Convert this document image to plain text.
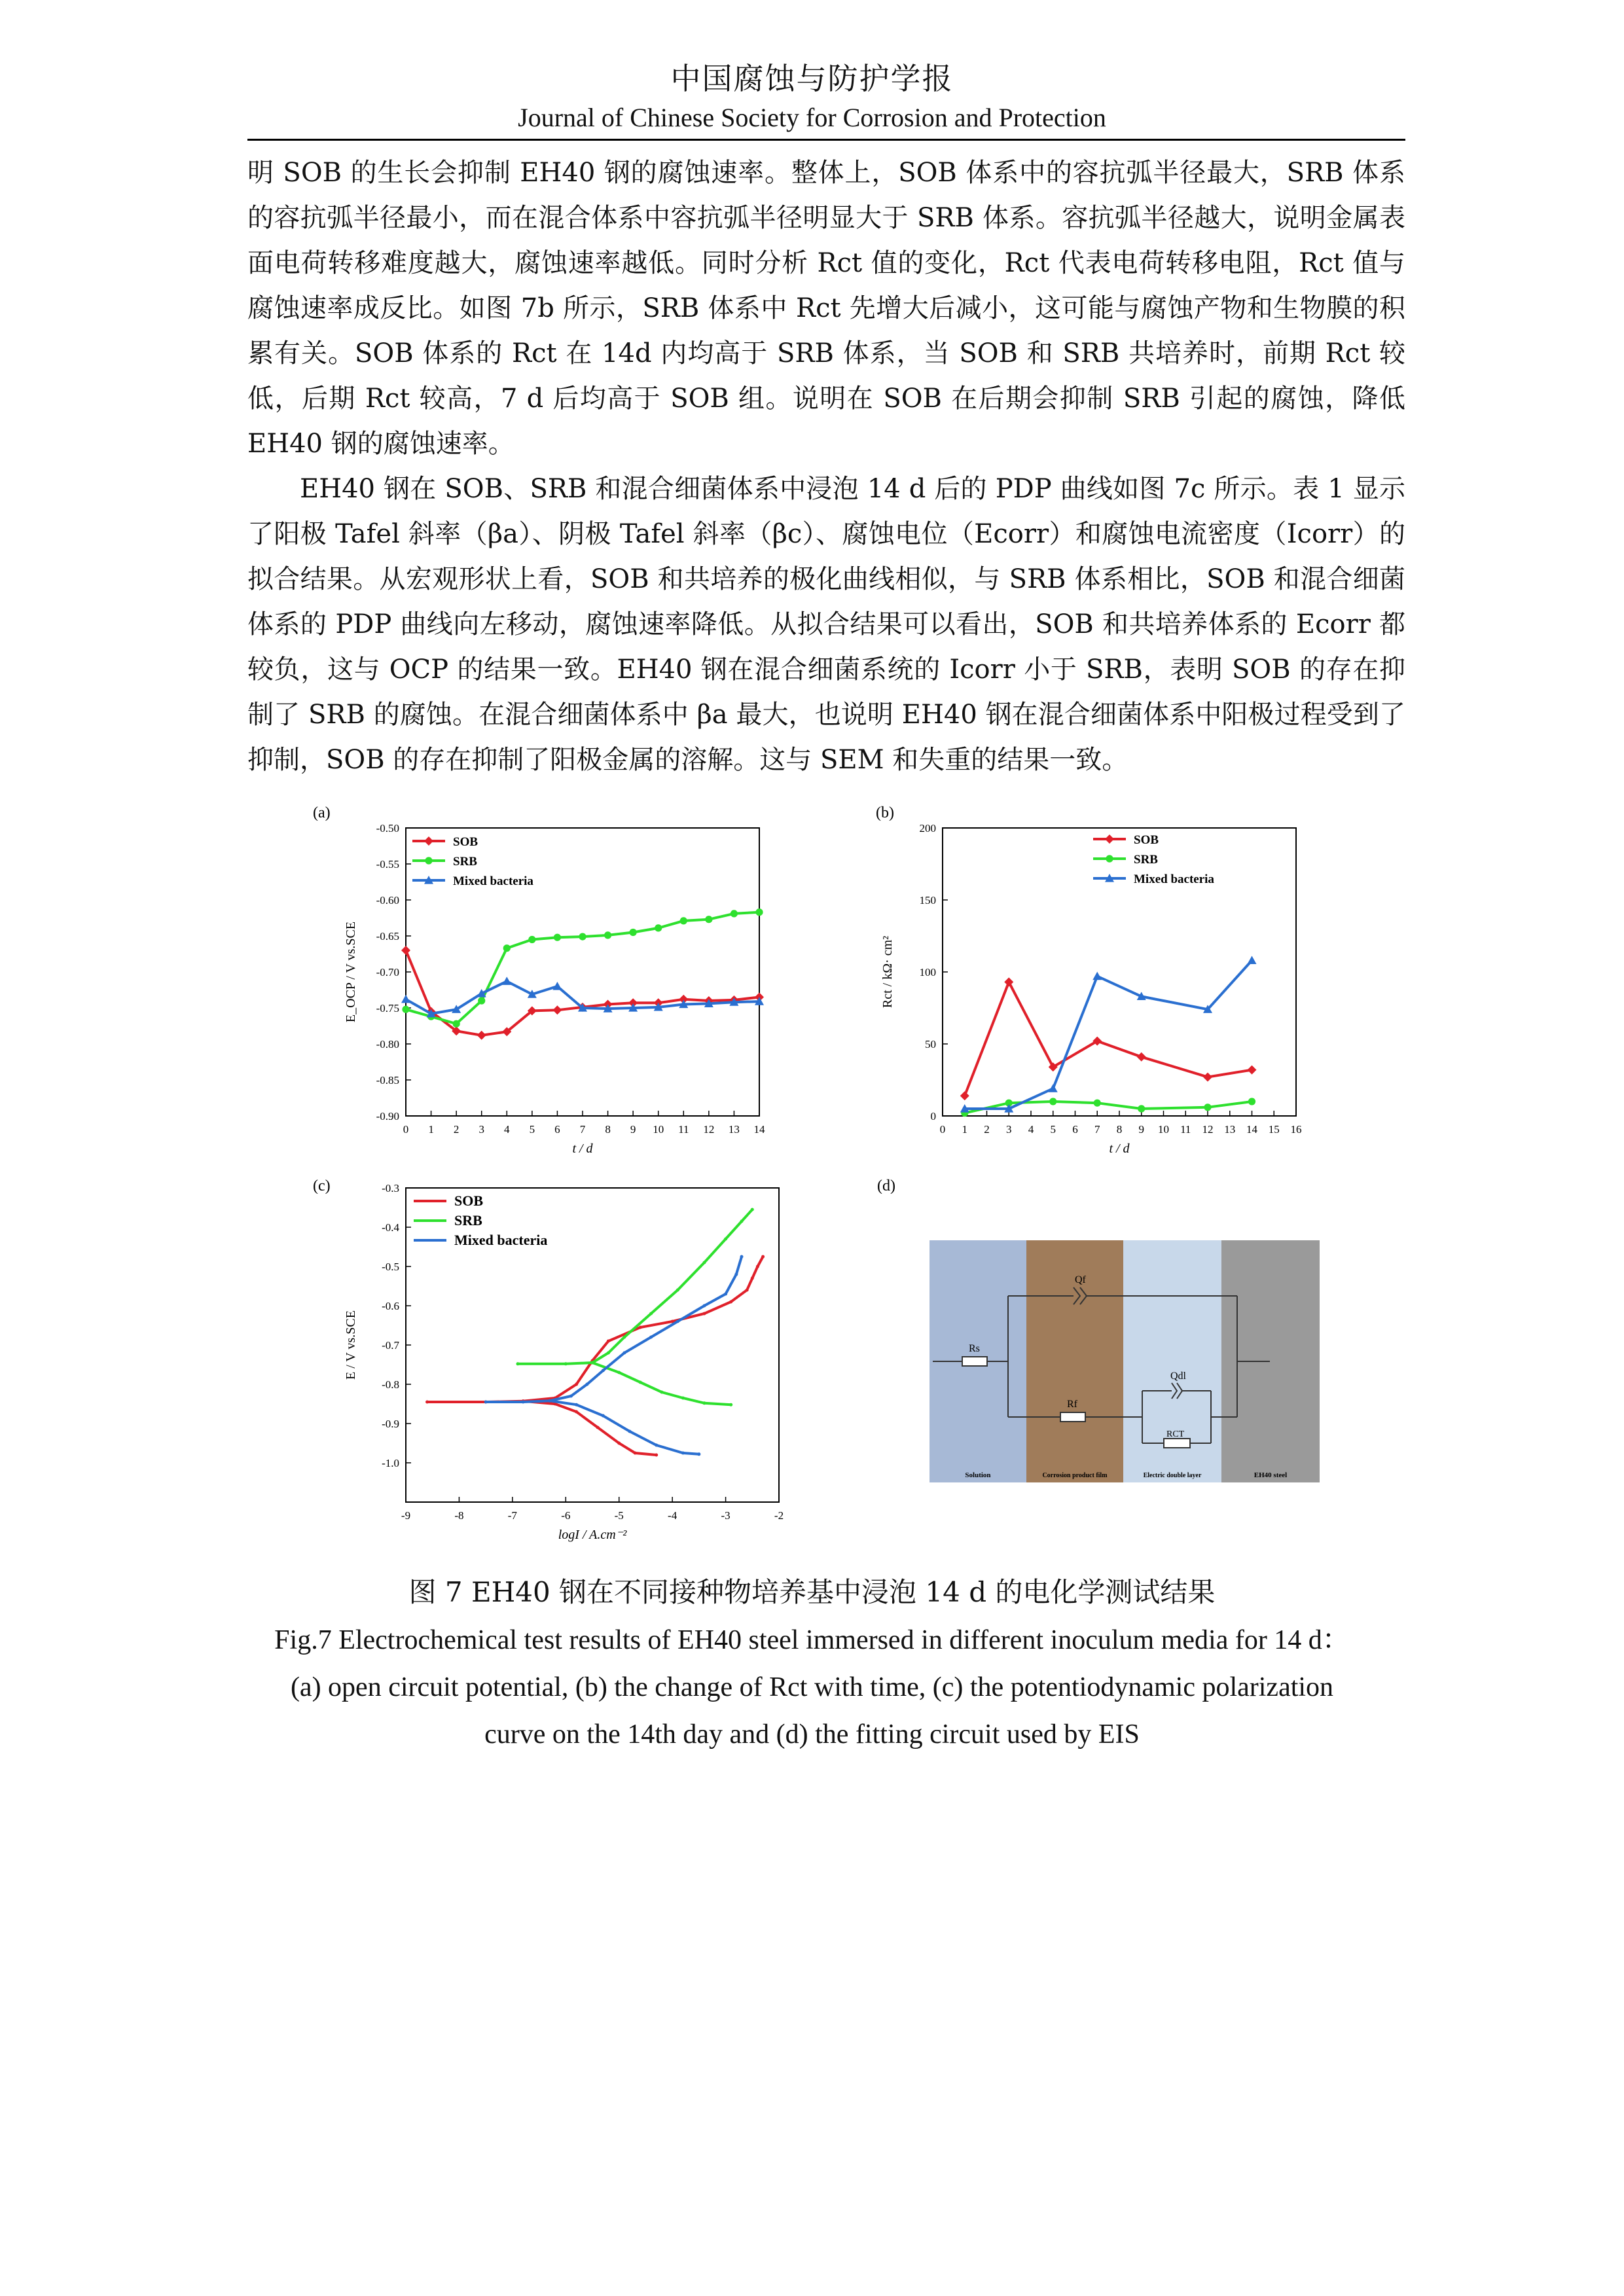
中国腐蚀与防护学报
Journal of Chinese Society for Corrosion and Protection

明 SOB 的生长会抑制 EH40 钢的腐蚀速率。整体上，SOB 体系中的容抗弧半径最大，SRB 体系的容抗弧半径最小，而在混合体系中容抗弧半径明显大于 SRB 体系。容抗弧半径越大，说明金属表面电荷转移难度越大，腐蚀速率越低。同时分析 Rct 值的变化，Rct 代表电荷转移电阻，Rct 值与腐蚀速率成反比。如图 7b 所示，SRB 体系中 Rct 先增大后减小，这可能与腐蚀产物和生物膜的积累有关。SOB 体系的 Rct 在 14d 内均高于 SRB 体系，当 SOB 和 SRB 共培养时，前期 Rct 较低，后期 Rct 较高，7 d 后均高于 SOB 组。说明在 SOB 在后期会抑制 SRB 引起的腐蚀，降低 EH40 钢的腐蚀速率。

EH40 钢在 SOB、SRB 和混合细菌体系中浸泡 14 d 后的 PDP 曲线如图 7c 所示。表 1 显示了阳极 Tafel 斜率（βa）、阴极 Tafel 斜率（βc）、腐蚀电位（Ecorr）和腐蚀电流密度（Icorr）的拟合结果。从宏观形状上看，SOB 和共培养的极化曲线相似，与 SRB 体系相比，SOB 和混合细菌体系的 PDP 曲线向左移动，腐蚀速率降低。从拟合结果可以看出，SOB 和共培养体系的 Ecorr 都较负，这与 OCP 的结果一致。EH40 钢在混合细菌系统的 Icorr 小于 SRB，表明 SOB 的存在抑制了 SRB 的腐蚀。在混合细菌体系中 βa 最大，也说明 EH40 钢在混合细菌体系中阳极过程受到了抑制，SOB 的存在抑制了阳极金属的溶解。这与 SEM 和失重的结果一致。

(a)
0 1 2 3 4 5 6 7 8 9 10 11 12 13 14
-0.50
-0.55
-0.60
-0.65
-0.70
-0.75
-0.80
-0.85
-0.90
t / d
E_OCP / V vs.SCE
SOB
SRB
Mixed bacteria
(b)
0 1 2 3 4 5 6 7 8 9 10 11 12 13 14 15 16
0
50
100
150
200
t / d
Rct / kΩ· cm²
SOB
SRB
Mixed bacteria
(c)
-9	-8	-7	-6	-5	-4	-3	-2
-0.3
-0.4
-0.5
-0.6
-0.7
-0.8
-0.9
-1.0
logI / A.cm⁻²
E / V vs.SCE
SOB
SRB
Mixed bacteria
(d)
Rs
Qf
Rf
Qdl
RCT
Solution	Corrosion product film	Electric double layer	EH40 steel
图 7 EH40 钢在不同接种物培养基中浸泡 14 d 的电化学测试结果
Fig.7 Electrochemical test results of EH40 steel immersed in different inoculum media for 14 d：
(a) open circuit potential, (b) the change of Rct with time, (c) the potentiodynamic polarization
curve on the 14th day and (d) the fitting circuit used by EIS
